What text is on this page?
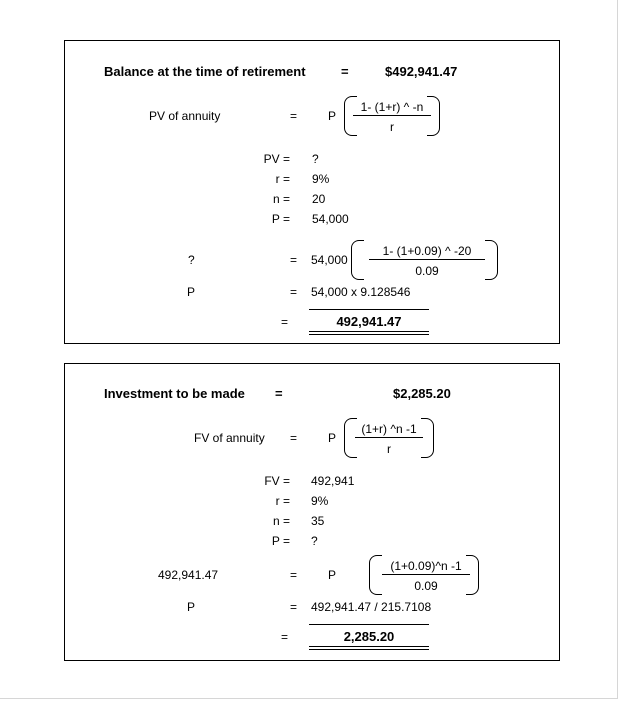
Balance at the time of retirement	=	$492,941.47
PV of annuity	=	P
1- (1+r) ^ -n
r
PV = ?
r = 9%
n = 20
P = 54,000
?	= 54,000
1- (1+0.09) ^ -20
0.09
P	= 54,000 x 9.128546
=	492,941.47
Investment to be made =	$2,285.20
FV of annuity =	P
(1+r) ^n -1
r
FV = 492,941
r = 9%
n = 35
P = ?
492,941.47	=	P
(1+0.09)^n -1
0.09
P	= 492,941.47 / 215.7108
=	2,285.20
